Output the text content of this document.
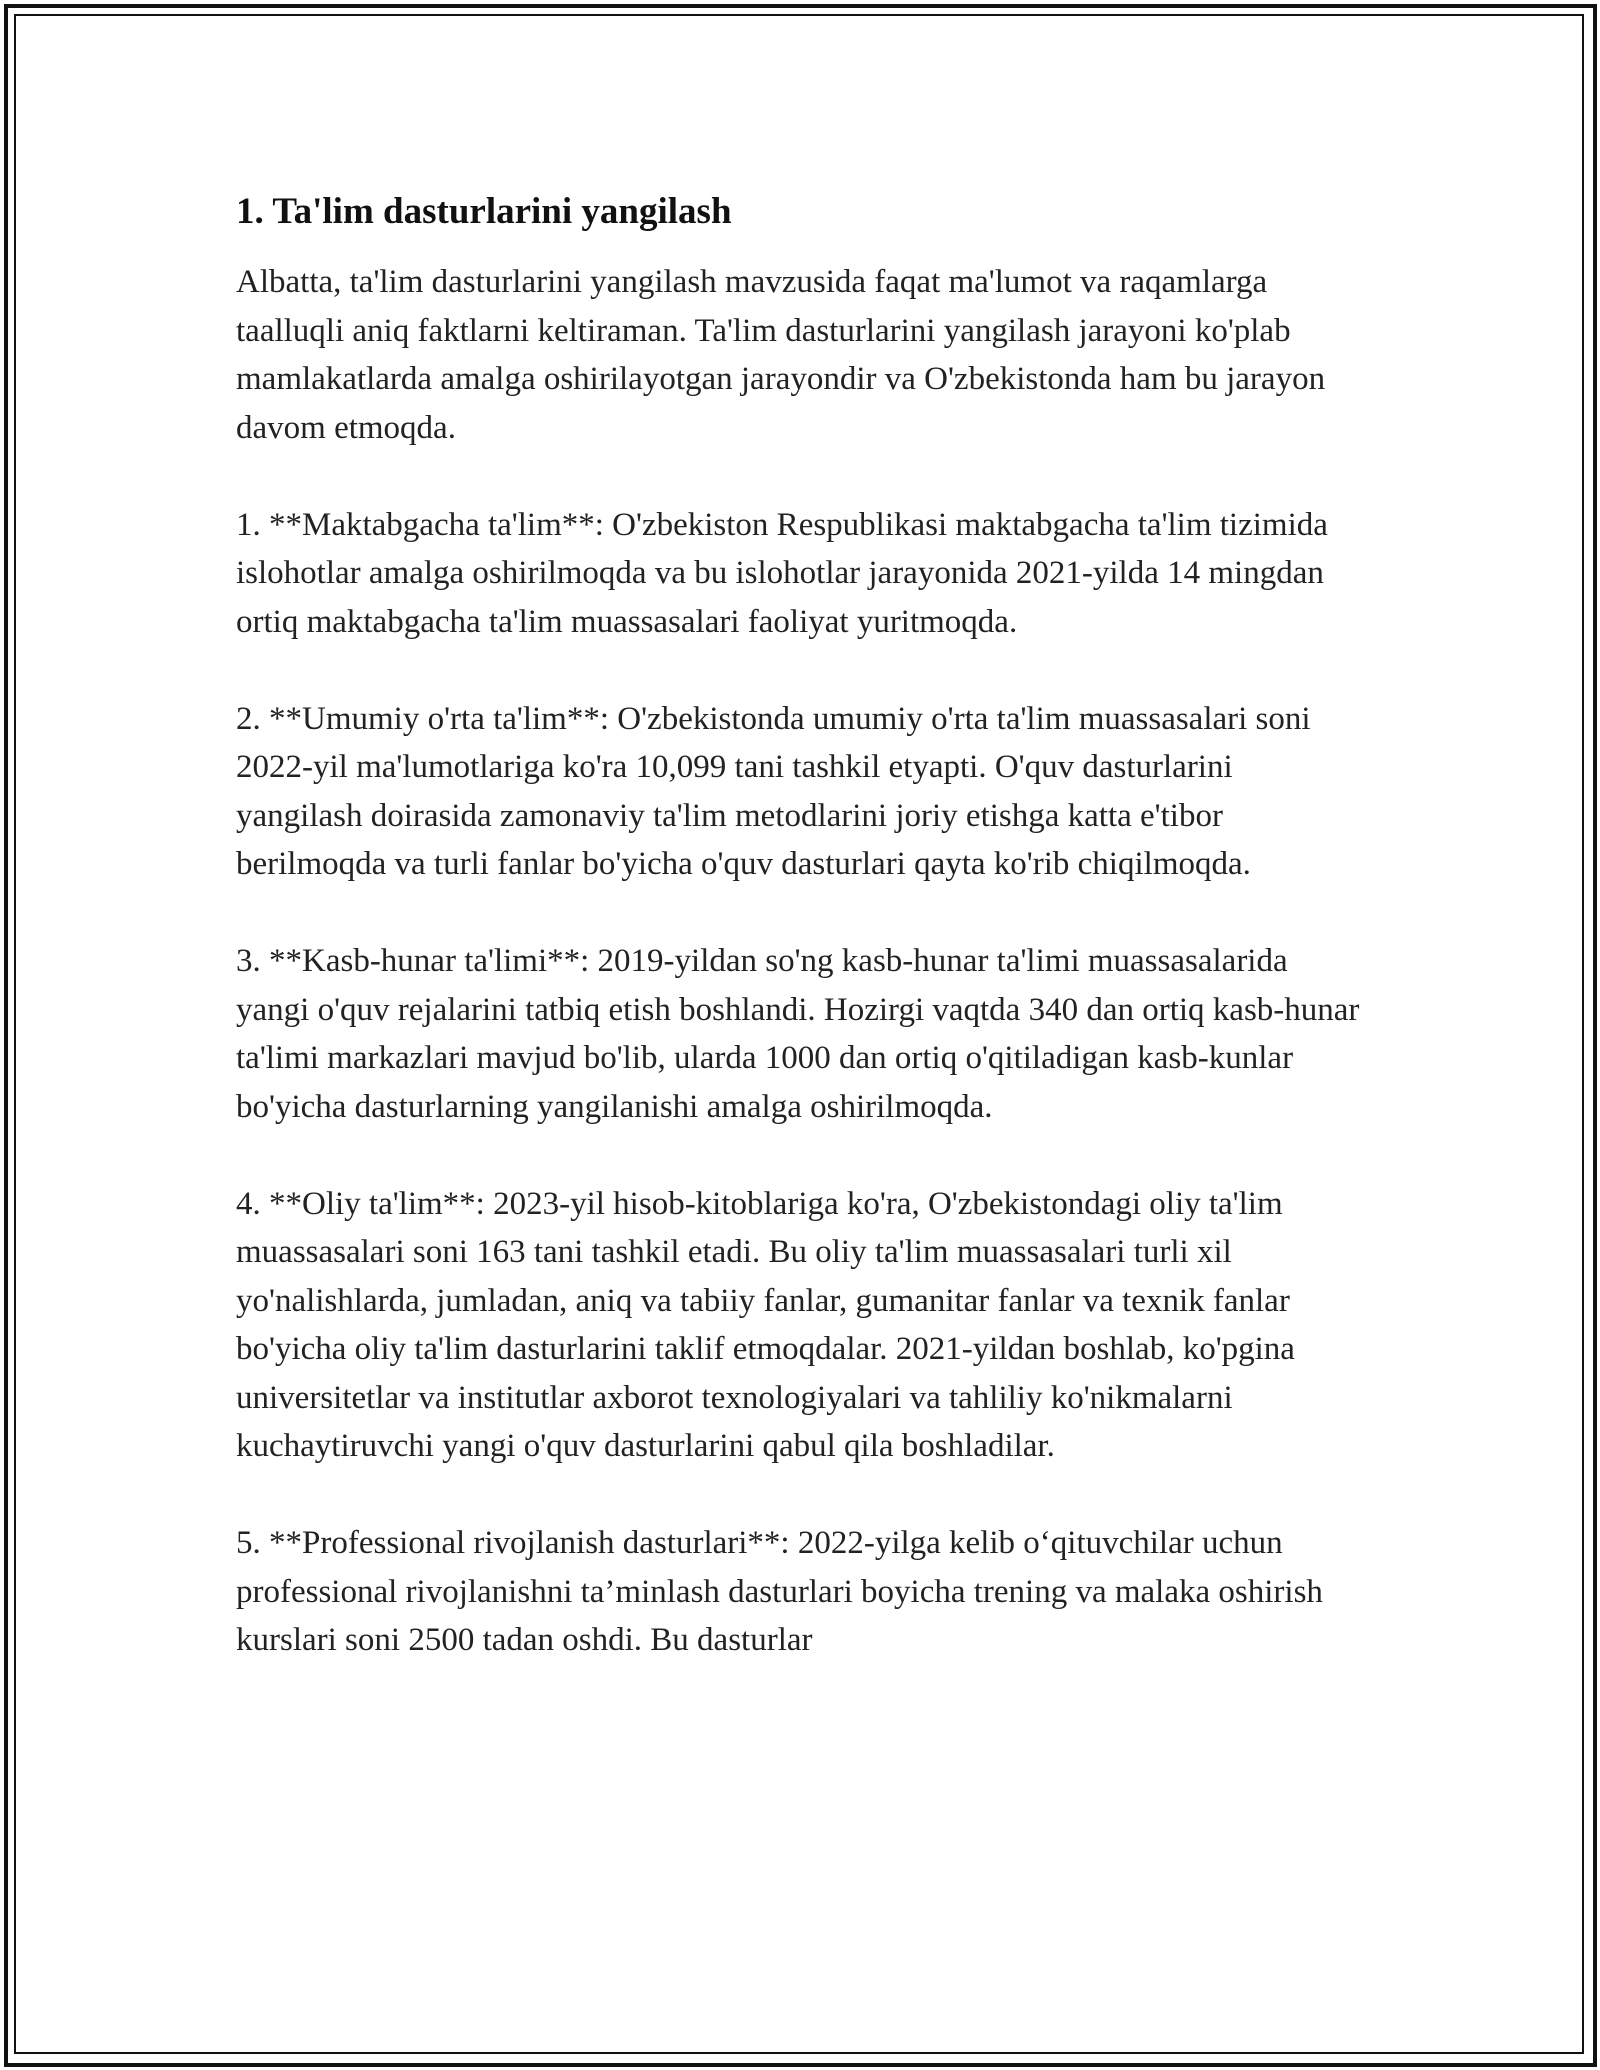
1. Ta'lim dasturlarini yangilash

Albatta, ta'lim dasturlarini yangilash mavzusida faqat ma'lumot va raqamlarga taalluqli aniq faktlarni keltiraman. Ta'lim dasturlarini yangilash jarayoni ko'plab mamlakatlarda amalga oshirilayotgan jarayondir va O'zbekistonda ham bu jarayon davom etmoqda.

1. **Maktabgacha ta'lim**: O'zbekiston Respublikasi maktabgacha ta'lim tizimida islohotlar amalga oshirilmoqda va bu islohotlar jarayonida 2021-yilda 14 mingdan ortiq maktabgacha ta'lim muassasalari faoliyat yuritmoqda.

2. **Umumiy o'rta ta'lim**: O'zbekistonda umumiy o'rta ta'lim muassasalari soni 2022-yil ma'lumotlariga ko'ra 10,099 tani tashkil etyapti. O'quv dasturlarini yangilash doirasida zamonaviy ta'lim metodlarini joriy etishga katta e'tibor berilmoqda va turli fanlar bo'yicha o'quv dasturlari qayta ko'rib chiqilmoqda.

3. **Kasb-hunar ta'limi**: 2019-yildan so'ng kasb-hunar ta'limi muassasalarida yangi o'quv rejalarini tatbiq etish boshlandi. Hozirgi vaqtda 340 dan ortiq kasb-hunar ta'limi markazlari mavjud bo'lib, ularda 1000 dan ortiq o'qitiladigan kasb-kunlar bo'yicha dasturlarning yangilanishi amalga oshirilmoqda.

4. **Oliy ta'lim**: 2023-yil hisob-kitoblariga ko'ra, O'zbekistondagi oliy ta'lim muassasalari soni 163 tani tashkil etadi. Bu oliy ta'lim muassasalari turli xil yo'nalishlarda, jumladan, aniq va tabiiy fanlar, gumanitar fanlar va texnik fanlar bo'yicha oliy ta'lim dasturlarini taklif etmoqdalar. 2021-yildan boshlab, ko'pgina universitetlar va institutlar axborot texnologiyalari va tahliliy ko'nikmalarni kuchaytiruvchi yangi o'quv dasturlarini qabul qila boshladilar.

5. **Professional rivojlanish dasturlari**: 2022-yilga kelib o‘qituvchilar uchun professional rivojlanishni ta’minlash dasturlari boyicha trening va malaka oshirish kurslari soni 2500 tadan oshdi. Bu dasturlar
